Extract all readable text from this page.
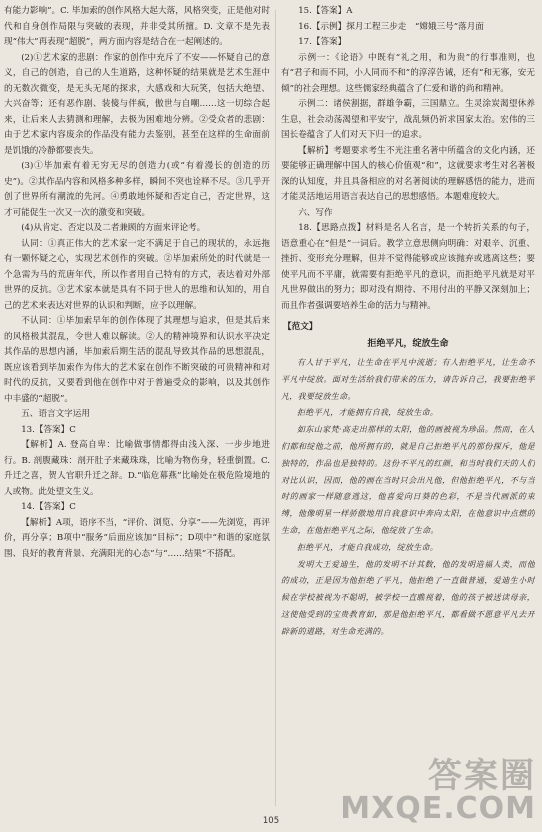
有能力影响”。C. 毕加索的创作风格大起大落，风格突变，正是他对时代和自身创作局限与突破的表现，并非受其所擅。D. 文章不是先表现“伟大”再表现“超脱”，两方面内容是结合在一起阐述的。

(2)①艺术家的悲剧：作家的创作中充斥了不安——怀疑自己的意义，自己的创造，自己的人生道路，这种怀疑的结果就是艺术生涯中的无数次微变，是无头无尾的探求，大感戏和大玩笑，包括大绝望、大兴奋等；还有恶作剧、装傻与伴疯，傲世与自嘲……这一切综合起来，让后来人去猜测和理解，去极为困难地分辨。②受众者的悲剧：由于艺术家内容废余的作品没有能力去鉴别，甚至在这样的生命面前是饥饿的冷静都要丧失。

(3)①毕加索有着无穷无尽的创造力(或“有着漫长的创造的历史”)。②其作品内容和风格多种多样，瞬间不突也诠释不尽。③几乎开创了世界所有潮流的先河。④勇敢地怀疑和否定自己，否定世界，这才可能促生一次又一次的激变和突破。

(4)从肯定、否定以及二者兼顾的方面来评论考。

认同：①真正伟大的艺术家一定不满足于自己的现状的，永远拖有一颗怀疑之心，实现艺术创作的突破。②毕加索所处的时代就是一个急需为马的荒唐年代，所以作者用自己特有的方式，表达着对外部世界的反抗。③艺术家本就是具有不同于世人的思维和认知的，用自己的艺术来表达对世界的认识和判断，应予以理解。

不认同：①毕加索早年的创作体现了其理想与追求，但是其后来的风格极其混乱，令世人难以解读。②人的精神境界和认识水平决定其作品的思想内涵，毕加索后期生活的混乱导致其作品的思想混乱，既应该看到毕加索作为伟大的艺术家在创作不断突破的可贵精神和对时代的反抗，又要看到他在创作中对于普遍受众的影响，以及其创作中丰盛的“超脱”。

五、语言文字运用

13.【答案】C

【解析】A. 登高自卑：比喻做事情都得由浅入深、一步步地进行。B. 剖腹藏珠：剖开肚子来藏珠珠，比喻为物伤身，轻重倒置。C. 升迁之喜，贺人官职升迁之辞。D.“临危幕燕”比喻处在极危险境地的人或物。此处望文生义。

14.【答案】C

【解析】A项，语序不当，“评价、浏览、分享”——先浏览，再评价，再分享；B项中“服务”后面应该加“目标”；D项中“和谐的家庭氛围、良好的教育背景、充满阳光的心态”与“……结果”不搭配。

15.【答案】A

16.【示例】探月工程三步走　“嫦娥三号”落月面

17.【答案】

示例一：《论语》中既有“礼之用，和为贵”的行事准则，也有“君子和而不同，小人同而不和”的淳淳告诫，还有“和无寡，安无倾”的社会理想。这些儒家经典蕴含了仁爱和谐的尚和精神。

示例二：诸侯割据，群雄争霸，三国鼎立。生灵涂炭渴望休养生息，社会动荡渴望和平安宁，战乱频仍祈求国家太治。宏伟的三国长卷蕴含了人们对天下归一的追求。

【解析】考题要求考生不光注重名著中所蕴含的文化内涵，还要能够正确理解中国人的核心价值观“和”，这就要求考生对名著极深的认知度，并且具备相应的对名著阅读的理解感悟的能力，进而才能灵活地运用语言表达自己的思想感悟。本题难度较大。

六、写作

18.【思路点拨】材料是名人名言，是一个转折关系的句子，语意重心在“但是”一词后。教学立意思侧向明确：对艰辛、沉重、挫折、变形充分理解，但并不觉得能够或应该抛弃或逃离这些；要使平凡而不平庸，就需要有拒绝平凡的意识，而拒绝平凡就是对平凡世界做出的努力；即对没有期待、不用付出的平静又深刻加上；而且作者强调要培养生命的活力与精神。

【范文】
拒绝平凡，绽放生命

有人甘于平凡，让生命在平凡中流逝；有人拒绝平凡，让生命不平凡中绽放。面对生活给我们带来的压力，请告诉自己，我要拒绝平凡，我要绽放生命。

拒绝平凡，才能拥有自我，绽放生命。

如东山家梵·高走出那样的太阳，他的画被视为珍品。然而，在人们都和绽他之前，他所拥有的，就是自己拒绝平凡的那份探斥，他是独特的，作品也是独特的。这份不平凡的红颜，和当时我们天的人们对比认识，因而，他的画在当时只会出凡他，但他拒绝平凡，不与当时的画家一样随意逃这，他喜爱向日葵的色彩，不是当代画派的束缚，他像明星一样骄傲地用自我意识中奔向太阳，在他意识中点燃的生命，在他拒绝平凡之际，他绽放了生命。

拒绝平凡，才能自我成功，绽放生命。

发明大王爱迪生，他的发明不计其数，他的发明造福人类，而他的成功，正是因为他拒绝了平凡，他拒绝了一直做普通，爱迪生小时候在学校被视为不聪明，被学校一直瞧视着，他的孩子被送读母亲，这使他受到的宝贵教育如，那是他拒绝平凡，都看做不愿意平凡去开辟新的道路，对生命充满的。

答案圈
MXQE.COM
105
